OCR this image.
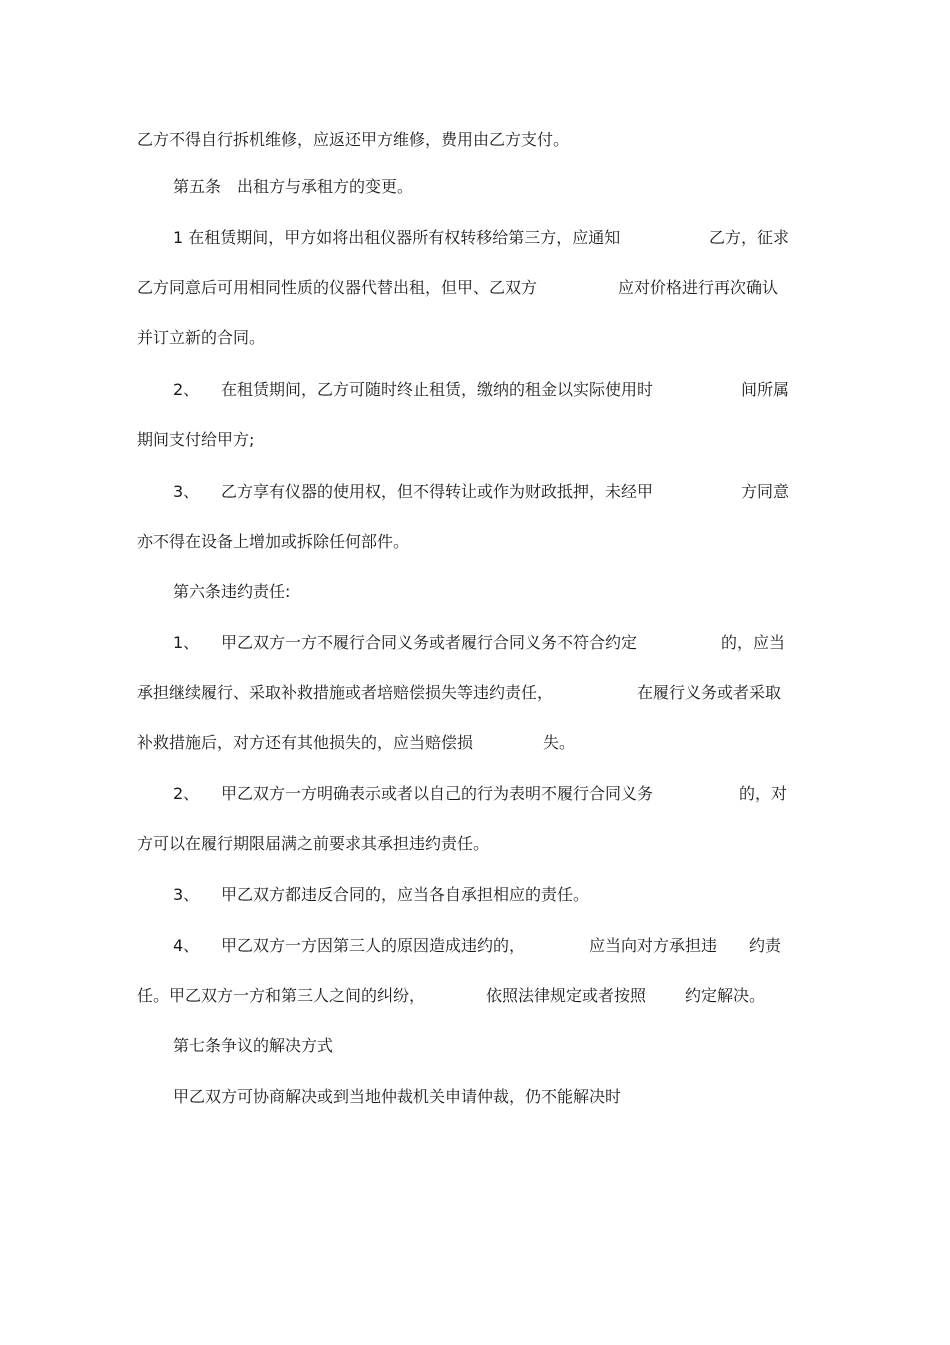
乙方不得自行拆机维修，应返还甲方维修，费用由乙方支付。
第五条　出租方与承租方的变更。
1 在租赁期间，甲方如将出租仪器所有权转移给第三方，应通知	乙方，征求
乙方同意后可用相同性质的仪器代替出租，但甲、乙双方	应对价格进行再次确认
并订立新的合同。
2、 在租赁期间，乙方可随时终止租赁，缴纳的租金以实际使用时	间所属
期间支付给甲方;
3、 乙方享有仪器的使用权，但不得转让或作为财政抵押，未经甲	方同意
亦不得在设备上增加或拆除任何部件。
第六条违约责任:
1、 甲乙双方一方不履行合同义务或者履行合同义务不符合约定	的，应当
承担继续履行、采取补救措施或者培赔偿损失等违约责任，	在履行义务或者采取
补救措施后，对方还有其他损失的，应当赔偿损	失。
2、 甲乙双方一方明确表示或者以自己的行为表明不履行合同义务	的，对
方可以在履行期限届满之前要求其承担违约责任。
3、 甲乙双方都违反合同的，应当各自承担相应的责任。
4、 甲乙双方一方因第三人的原因造成违约的，	应当向对方承担违 约责
任。甲乙双方一方和第三人之间的纠纷，	依照法律规定或者按照 约定解决。
第七条争议的解决方式
甲乙双方可协商解决或到当地仲裁机关申请仲裁，仍不能解决时
